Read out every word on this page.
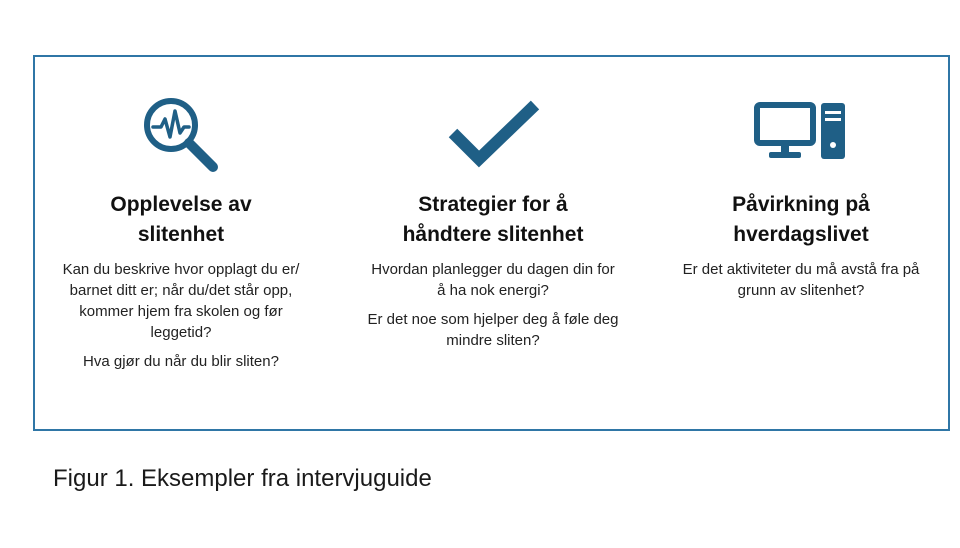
Opplevelse av slitenhet

Kan du beskrive hvor opplagt du er/ barnet ditt er; når du/det står opp, kommer hjem fra skolen og før leggetid?

Hva gjør du når du blir sliten?

Strategier for å håndtere slitenhet

Hvordan planlegger du dagen din for å ha nok energi?

Er det noe som hjelper deg å føle deg mindre sliten?

Påvirkning på hverdagslivet

Er det aktiviteter du må avstå fra på grunn av slitenhet?

Figur 1. Eksempler fra intervjuguide
